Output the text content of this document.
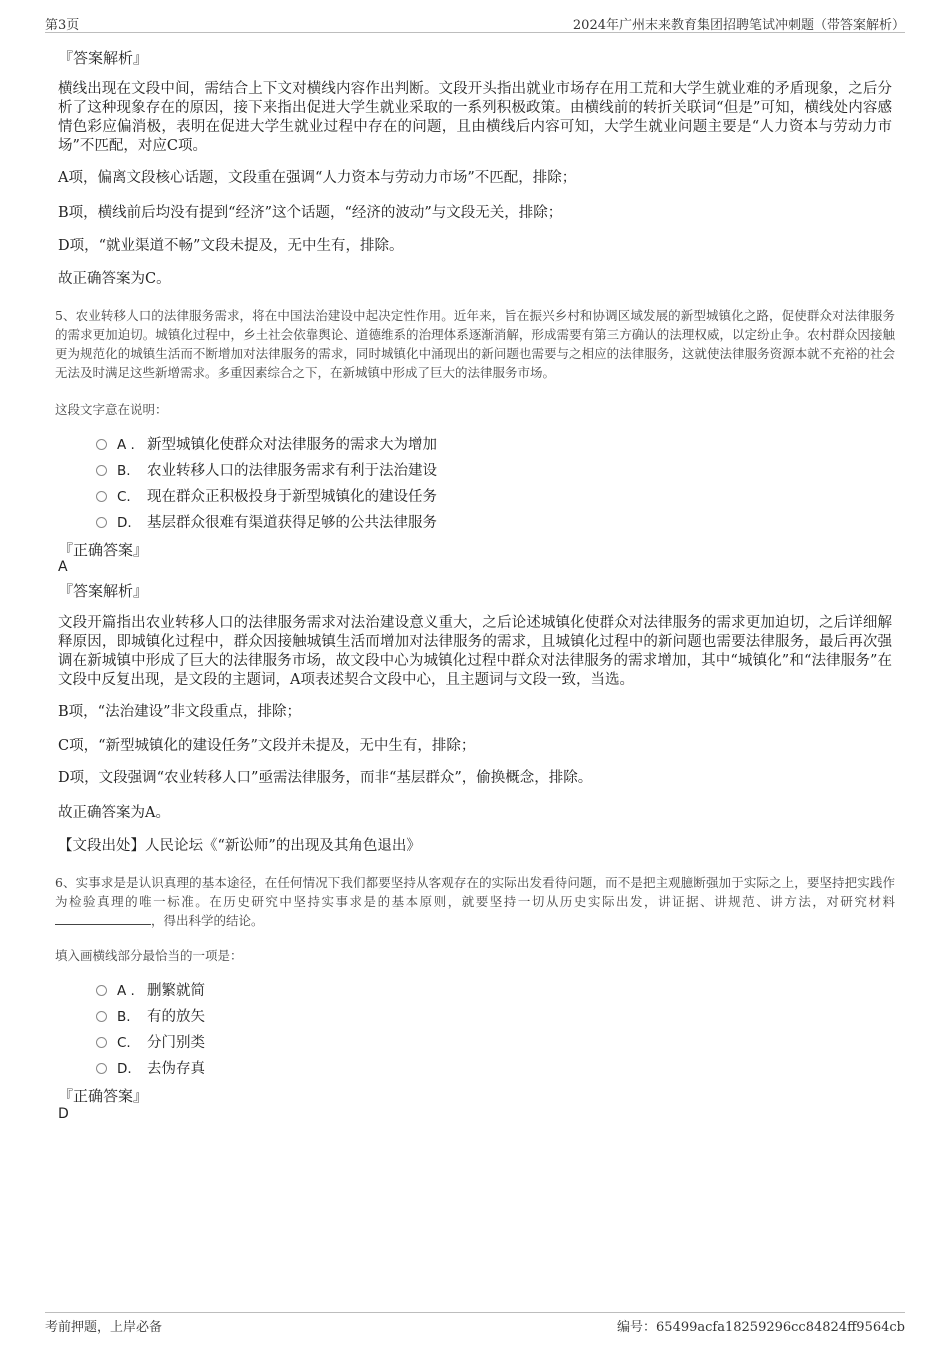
第3页	2024年广州末来教育集团招聘笔试冲刺题（带答案解析）
『答案解析』
横线出现在文段中间，需结合上下文对横线内容作出判断。文段开头指出就业市场存在用工荒和大学生就业难的矛盾现象，之后分析了这种现象存在的原因，接下来指出促进大学生就业采取的一系列积极政策。由横线前的转折关联词“但是”可知，横线处内容感情色彩应偏消极，表明在促进大学生就业过程中存在的问题，且由横线后内容可知，大学生就业问题主要是“人力资本与劳动力市场”不匹配，对应C项。
A项，偏离文段核心话题，文段重在强调“人力资本与劳动力市场”不匹配，排除；
B项，横线前后均没有提到“经济”这个话题，“经济的波动”与文段无关，排除；
D项，“就业渠道不畅”文段未提及，无中生有，排除。
故正确答案为C。
5、农业转移人口的法律服务需求，将在中国法治建设中起决定性作用。近年来，旨在振兴乡村和协调区域发展的新型城镇化之路，促使群众对法律服务的需求更加迫切。城镇化过程中，乡土社会依靠舆论、道德维系的治理体系逐渐消解，形成需要有第三方确认的法理权威，以定纷止争。农村群众因接触更为规范化的城镇生活而不断增加对法律服务的需求，同时城镇化中涌现出的新问题也需要与之相应的法律服务，这就使法律服务资源本就不充裕的社会无法及时满足这些新增需求。多重因素综合之下，在新城镇中形成了巨大的法律服务市场。
这段文字意在说明：
A . 新型城镇化使群众对法律服务的需求大为增加
B. 农业转移人口的法律服务需求有利于法治建设
C. 现在群众正积极投身于新型城镇化的建设任务
D. 基层群众很难有渠道获得足够的公共法律服务
『正确答案』
A
『答案解析』
文段开篇指出农业转移人口的法律服务需求对法治建设意义重大，之后论述城镇化使群众对法律服务的需求更加迫切，之后详细解释原因，即城镇化过程中，群众因接触城镇生活而增加对法律服务的需求，且城镇化过程中的新问题也需要法律服务，最后再次强调在新城镇中形成了巨大的法律服务市场，故文段中心为城镇化过程中群众对法律服务的需求增加，其中“城镇化”和“法律服务”在文段中反复出现，是文段的主题词，A项表述契合文段中心，且主题词与文段一致，当选。
B项，“法治建设”非文段重点，排除；
C项，“新型城镇化的建设任务”文段并未提及，无中生有，排除；
D项，文段强调“农业转移人口”亟需法律服务，而非“基层群众”，偷换概念，排除。
故正确答案为A。
【文段出处】人民论坛《“新讼师”的出现及其角色退出》
6、实事求是是认识真理的基本途径，在任何情况下我们都要坚持从客观存在的实际出发看待问题，而不是把主观臆断强加于实际之上，要坚持把实践作为检验真理的唯一标准。在历史研究中坚持实事求是的基本原则，就要坚持一切从历史实际出发，讲证据、讲规范、讲方法，对研究材料，得出科学的结论。
填入画横线部分最恰当的一项是：
A . 删繁就简
B. 有的放矢
C. 分门别类
D. 去伪存真
『正确答案』
D
考前押题，上岸必备	编号：65499acfa18259296cc84824ff9564cb
